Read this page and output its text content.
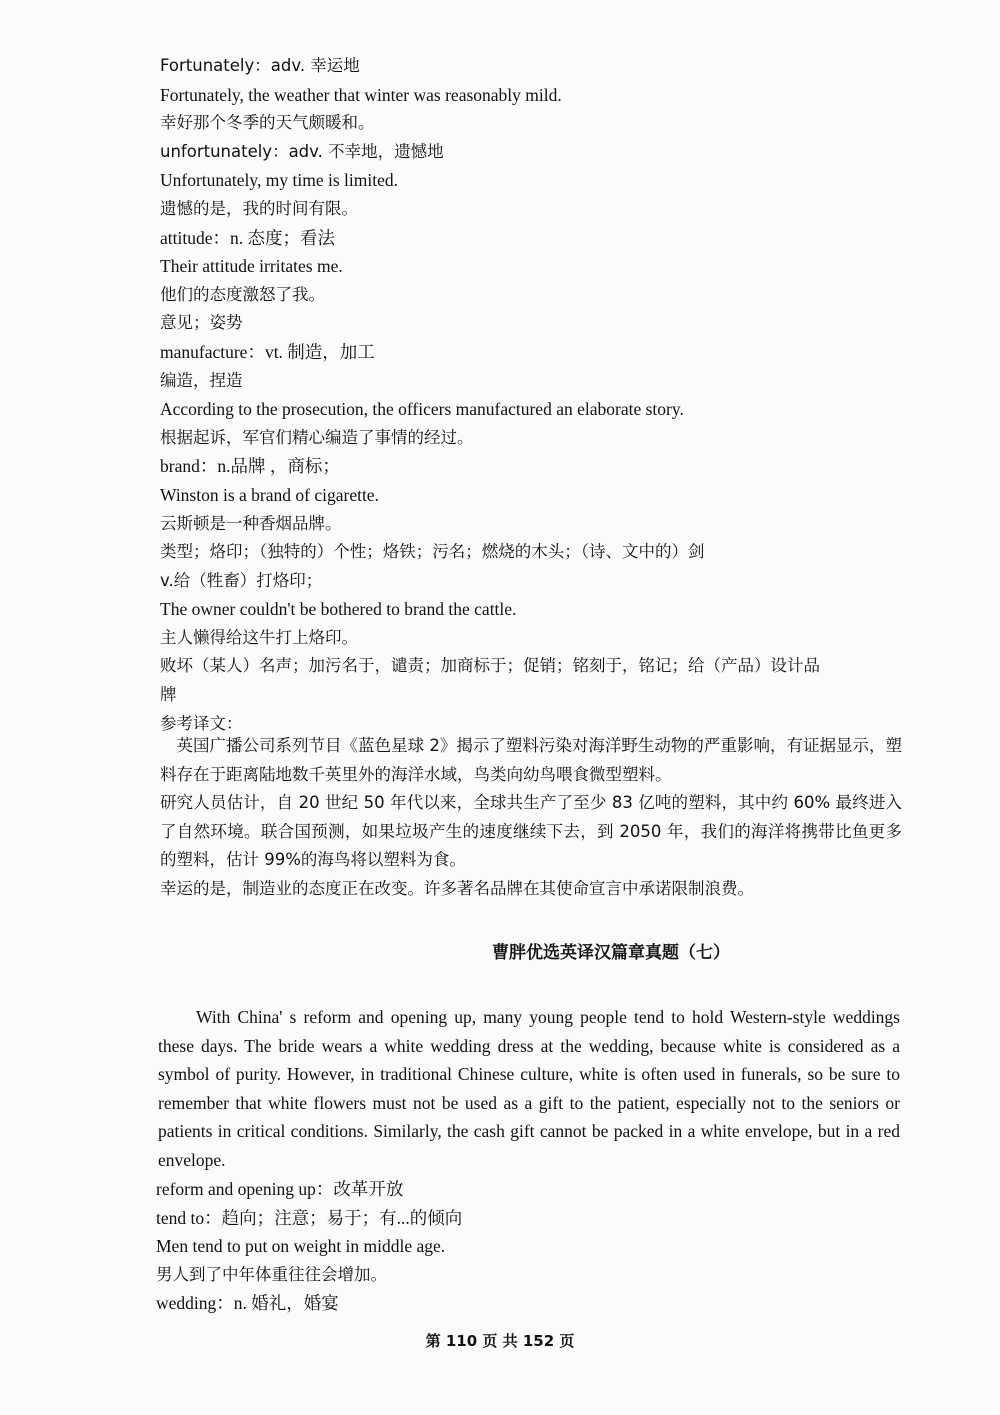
Fortunately：adv. 幸运地
Fortunately, the weather that winter was reasonably mild.
幸好那个冬季的天气颇暖和。
unfortunately：adv. 不幸地，遗憾地
Unfortunately, my time is limited.
遗憾的是，我的时间有限。
attitude：n. 态度；看法
Their attitude irritates me.
他们的态度激怒了我。
意见；姿势
manufacture：vt. 制造，加工
编造，捏造
According to the prosecution, the officers manufactured an elaborate story.
根据起诉，军官们精心编造了事情的经过。
brand：n.品牌 ，商标；
Winston is a brand of cigarette.
云斯顿是一种香烟品牌。
类型；烙印；（独特的）个性；烙铁；污名；燃烧的木头；（诗、文中的）剑
v.给（牲畜）打烙印；
The owner couldn't be bothered to brand the cattle.
主人懒得给这牛打上烙印。
败坏（某人）名声；加污名于，谴责；加商标于；促销；铭刻于，铭记；给（产品）设计品
牌
参考译文：
英国广播公司系列节目《蓝色星球 2》揭示了塑料污染对海洋野生动物的严重影响，有证据显示，塑料存在于距离陆地数千英里外的海洋水域，鸟类向幼鸟喂食微型塑料。
研究人员估计，自 20 世纪 50 年代以来，全球共生产了至少 83 亿吨的塑料，其中约 60% 最终进入了自然环境。联合国预测，如果垃圾产生的速度继续下去，到 2050 年，我们的海洋将携带比鱼更多的塑料，估计 99%的海鸟将以塑料为食。
幸运的是，制造业的态度正在改变。许多著名品牌在其使命宣言中承诺限制浪费。
曹胖优选英译汉篇章真题（七）
With China' s reform and opening up, many young people tend to hold Western-style weddings these days. The bride wears a white wedding dress at the wedding, because white is considered as a symbol of purity. However, in traditional Chinese culture, white is often used in funerals, so be sure to remember that white flowers must not be used as a gift to the patient, especially not to the seniors or patients in critical conditions. Similarly, the cash gift cannot be packed in a white envelope, but in a red envelope.
reform and opening up：改革开放
tend to：趋向；注意；易于；有...的倾向
Men tend to put on weight in middle age.
男人到了中年体重往往会增加。
wedding：n. 婚礼，婚宴
第 110 页 共 152 页
